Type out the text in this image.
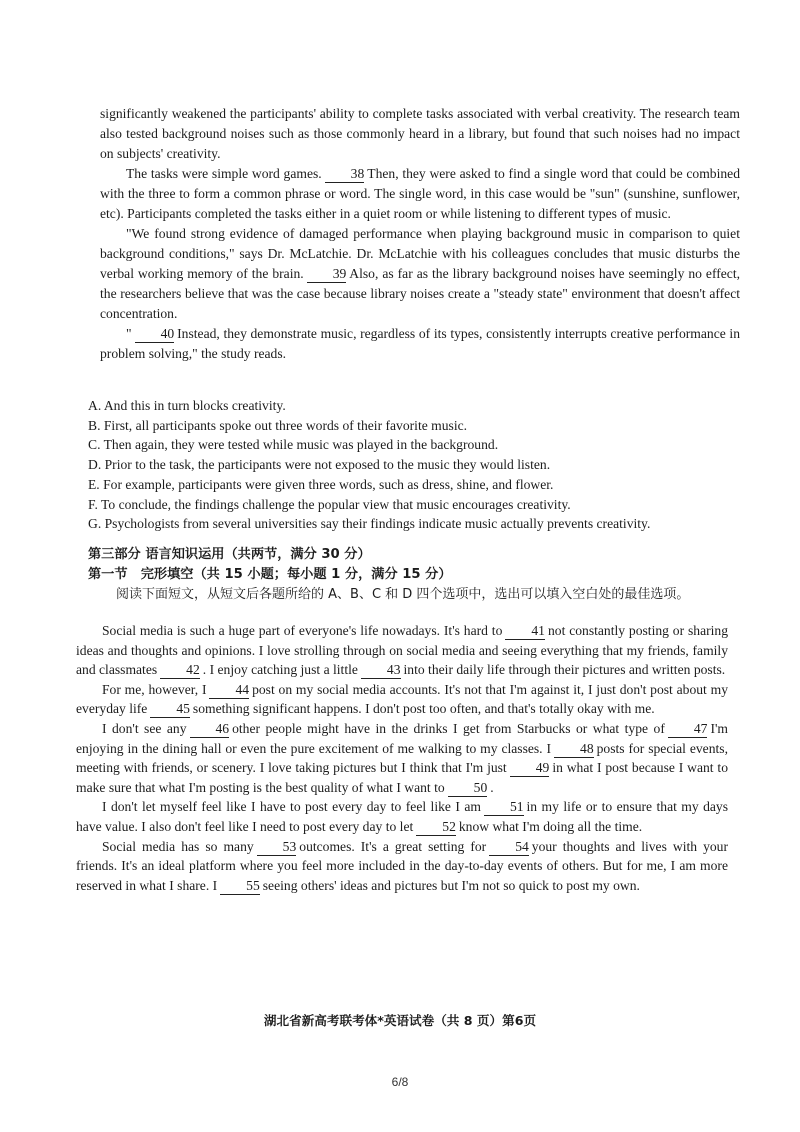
significantly weakened the participants' ability to complete tasks associated with verbal creativity. The research team also tested background noises such as those commonly heard in a library, but found that such noises had no impact on subjects' creativity.

The tasks were simple word games. 38 Then, they were asked to find a single word that could be combined with the three to form a common phrase or word. The single word, in this case would be "sun" (sunshine, sunflower, etc). Participants completed the tasks either in a quiet room or while listening to different types of music.

"We found strong evidence of damaged performance when playing background music in comparison to quiet background conditions," says Dr. McLatchie. Dr. McLatchie with his colleagues concludes that music disturbs the verbal working memory of the brain. 39 Also, as far as the library background noises have seemingly no effect, the researchers believe that was the case because library noises create a "steady state" environment that doesn't affect concentration.

" 40 Instead, they demonstrate music, regardless of its types, consistently interrupts creative performance in problem solving," the study reads.

A. And this in turn blocks creativity.

B. First, all participants spoke out three words of their favorite music.

C. Then again, they were tested while music was played in the background.

D. Prior to the task, the participants were not exposed to the music they would listen.

E. For example, participants were given three words, such as dress, shine, and flower.

F. To conclude, the findings challenge the popular view that music encourages creativity.

G. Psychologists from several universities say their findings indicate music actually prevents creativity.

第三部分 语言知识运用（共两节，满分 30 分）

第一节　完形填空（共 15 小题；每小题 1 分，满分 15 分）

阅读下面短文，从短文后各题所给的 A、B、C 和 D 四个选项中，选出可以填入空白处的最佳选项。

Social media is such a huge part of everyone's life nowadays. It's hard to 41 not constantly posting or sharing ideas and thoughts and opinions. I love strolling through on social media and seeing everything that my friends, family and classmates 42 . I enjoy catching just a little 43 into their daily life through their pictures and written posts.

For me, however, I 44 post on my social media accounts. It's not that I'm against it, I just don't post about my everyday life 45 something significant happens. I don't post too often, and that's totally okay with me.

I don't see any 46 other people might have in the drinks I get from Starbucks or what type of 47 I'm enjoying in the dining hall or even the pure excitement of me walking to my classes. I 48 posts for special events, meeting with friends, or scenery. I love taking pictures but I think that I'm just 49 in what I post because I want to make sure that what I'm posting is the best quality of what I want to 50 .

I don't let myself feel like I have to post every day to feel like I am 51 in my life or to ensure that my days have value. I also don't feel like I need to post every day to let 52 know what I'm doing all the time.

Social media has so many 53 outcomes. It's a great setting for 54 your thoughts and lives with your friends. It's an ideal platform where you feel more included in the day-to-day events of others. But for me, I am more reserved in what I share. I 55 seeing others' ideas and pictures but I'm not so quick to post my own.

湖北省新高考联考体*英语试卷（共 8 页）第6页
6/8
